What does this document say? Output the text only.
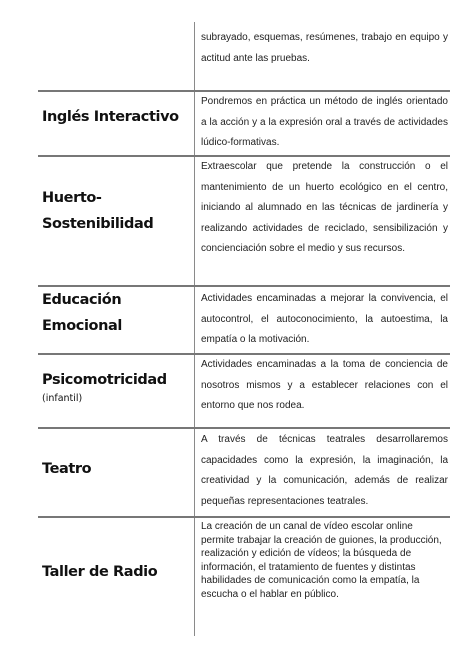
subrayado, esquemas, resúmenes, trabajo en equipo y actitud ante las pruebas.
Inglés Interactivo
Pondremos en práctica un método de inglés orientado a la acción y a la expresión oral a través de actividades lúdico-formativas.
Huerto-Sostenibilidad
Extraescolar que pretende la construcción o el mantenimiento de un huerto ecológico en el centro, iniciando al alumnado en las técnicas de jardinería y realizando actividades de reciclado, sensibilización y concienciación sobre el medio y sus recursos.
Educación Emocional
Actividades encaminadas a mejorar la convivencia, el autocontrol, el autoconocimiento, la autoestima, la empatía o la motivación.
Psicomotricidad
(infantil)
Actividades encaminadas a la toma de conciencia de nosotros mismos y a establecer relaciones con el entorno que nos rodea.
Teatro
A través de técnicas teatrales desarrollaremos capacidades como la expresión, la imaginación, la creatividad y la comunicación, además de realizar pequeñas representaciones teatrales.
Taller de Radio
La creación de un canal de vídeo escolar online permite trabajar la creación de guiones, la producción, realización y edición de vídeos; la búsqueda de información, el tratamiento de fuentes y distintas habilidades de comunicación como la empatía, la escucha o el hablar en público.
